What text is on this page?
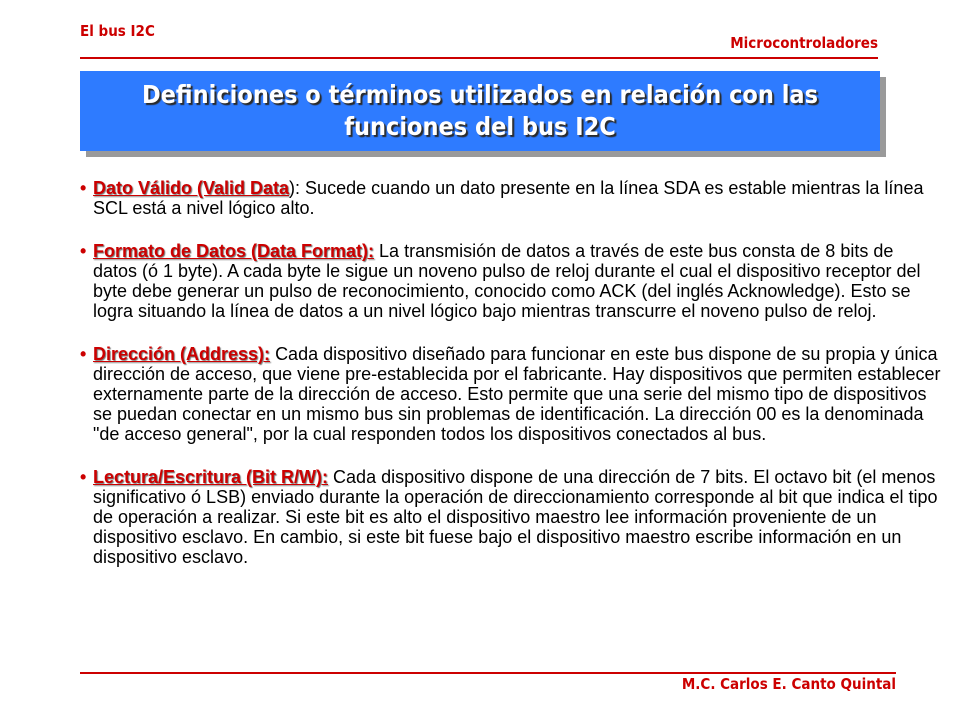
El bus I2C
Microcontroladores
Definiciones o términos utilizados en relación con las
funciones del bus I2C

• Dato Válido (Valid Data): Sucede cuando un dato presente en la línea SDA es estable mientras la línea SCL está a nivel lógico alto.

• Formato de Datos (Data Format): La transmisión de datos a través de este bus consta de 8 bits de datos (ó 1 byte). A cada byte le sigue un noveno pulso de reloj durante el cual el dispositivo receptor del byte debe generar un pulso de reconocimiento, conocido como ACK (del inglés Acknowledge). Esto se logra situando la línea de datos a un nivel lógico bajo mientras transcurre el noveno pulso de reloj.

• Dirección (Address): Cada dispositivo diseñado para funcionar en este bus dispone de su propia y única dirección de acceso, que viene pre-establecida por el fabricante. Hay dispositivos que permiten establecer externamente parte de la dirección de acceso. Esto permite que una serie del mismo tipo de dispositivos se puedan conectar en un mismo bus sin problemas de identificación. La dirección 00 es la denominada "de acceso general", por la cual responden todos los dispositivos conectados al bus.

• Lectura/Escritura (Bit R/W): Cada dispositivo dispone de una dirección de 7 bits. El octavo bit (el menos significativo ó LSB) enviado durante la operación de direccionamiento corresponde al bit que indica el tipo de operación a realizar. Si este bit es alto el dispositivo maestro lee información proveniente de un dispositivo esclavo. En cambio, si este bit fuese bajo el dispositivo maestro escribe información en un dispositivo esclavo.

M.C. Carlos E. Canto Quintal
